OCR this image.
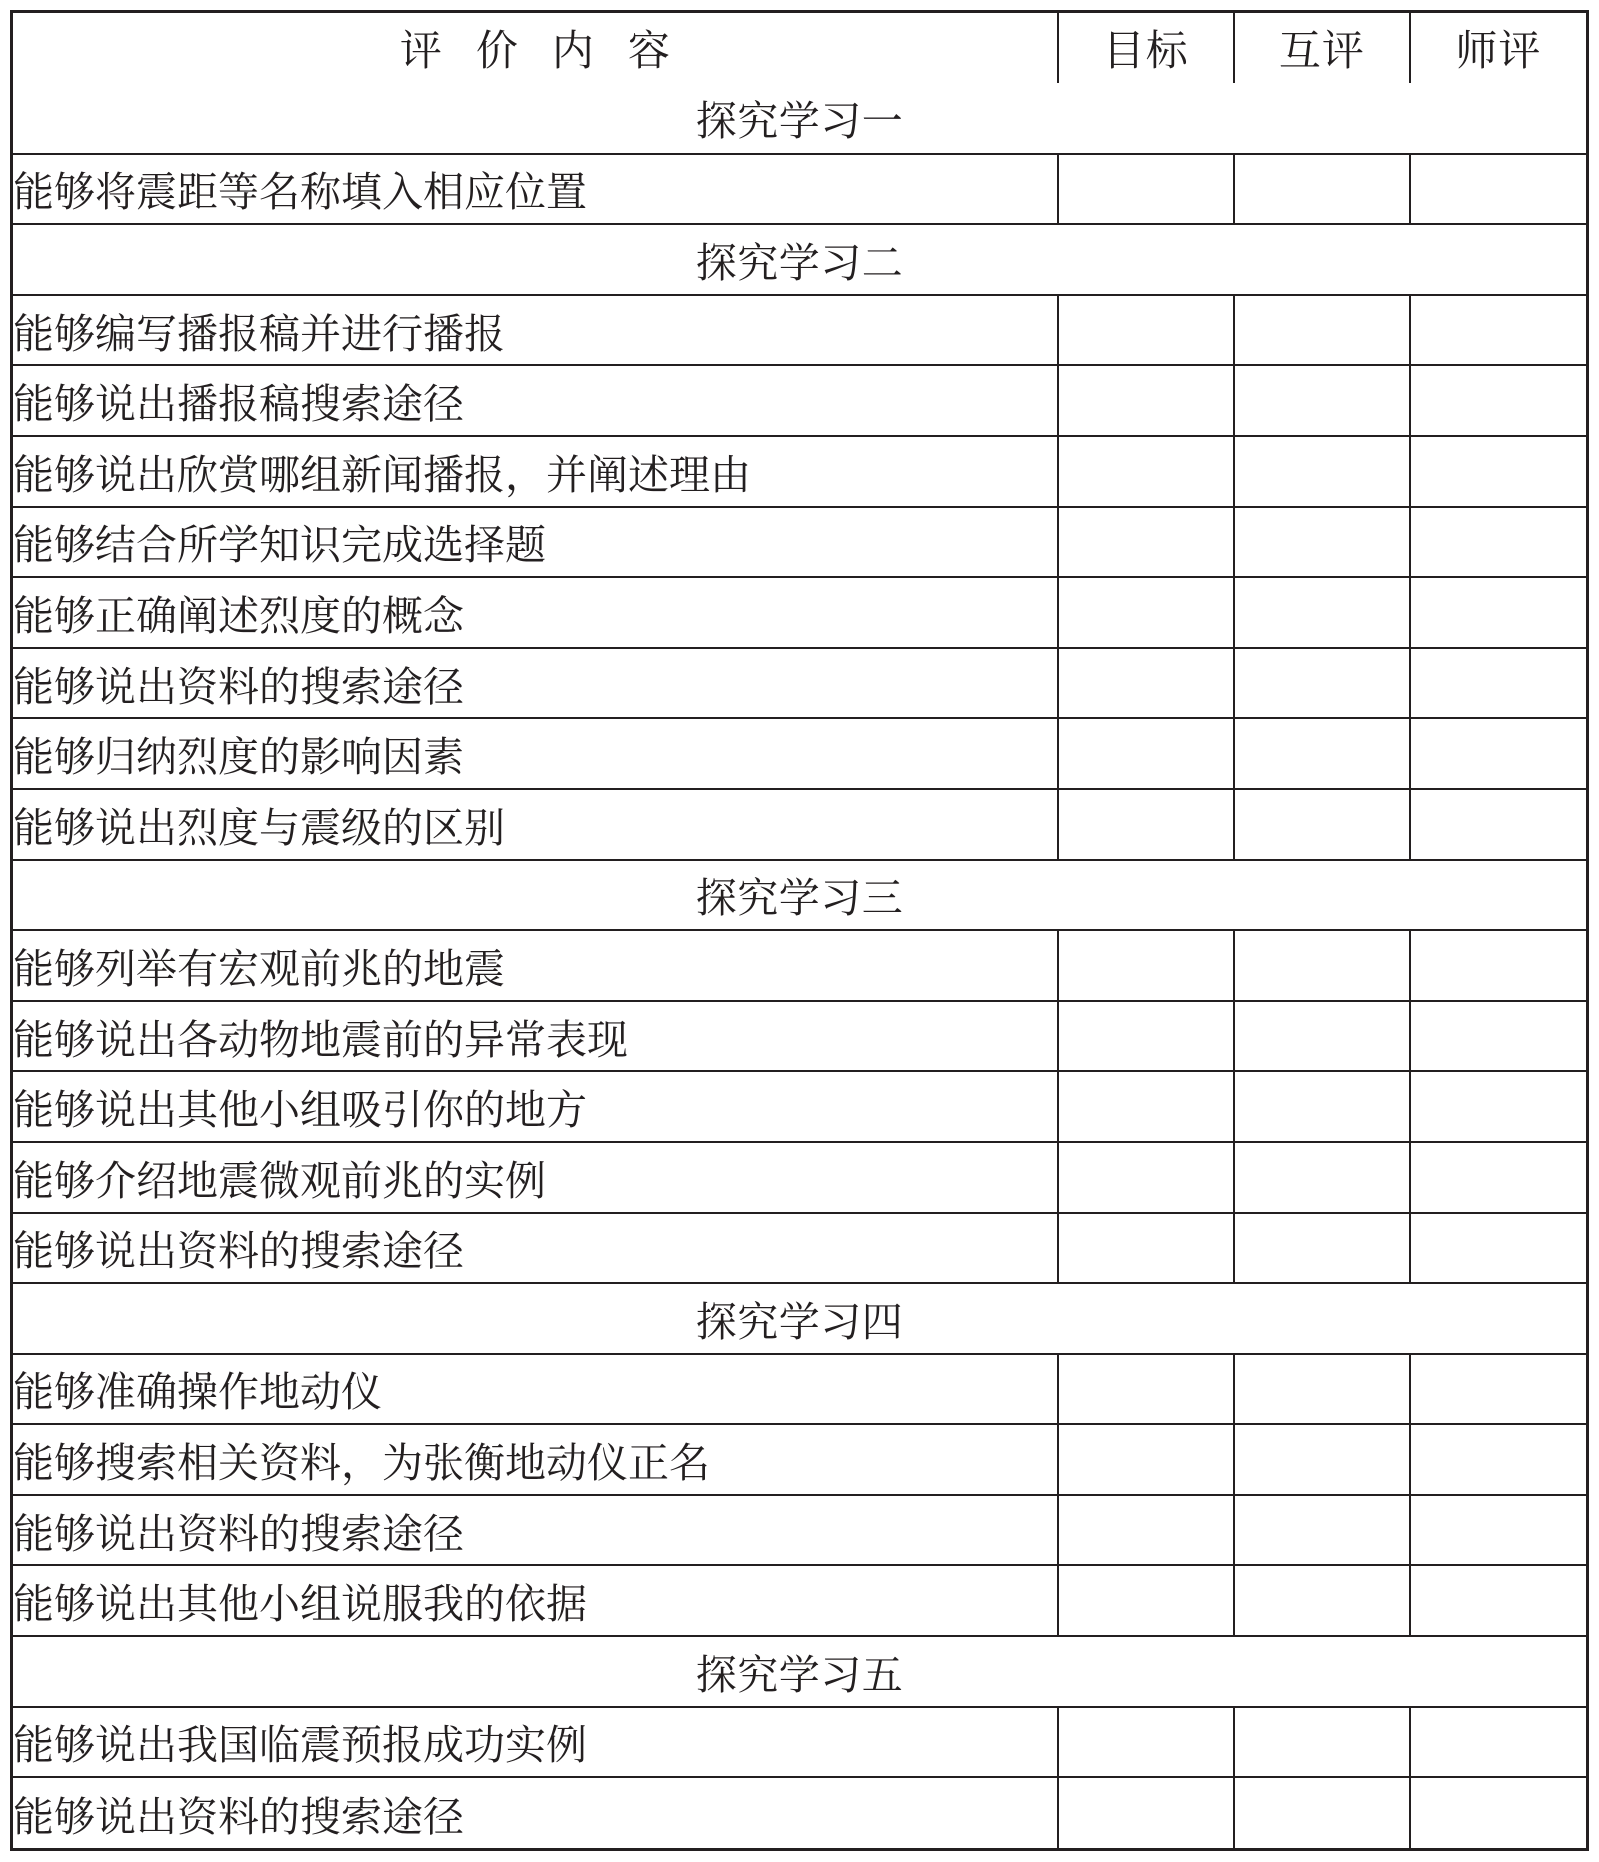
评价内容	目标	互评	师评
探究学习一			
能够将震距等名称填入相应位置			
探究学习二			
能够编写播报稿并进行播报			
能够说出播报稿搜索途径			
能够说出欣赏哪组新闻播报，并阐述理由			
能够结合所学知识完成选择题			
能够正确阐述烈度的概念			
能够说出资料的搜索途径			
能够归纳烈度的影响因素			
能够说出烈度与震级的区别			
探究学习三			
能够列举有宏观前兆的地震			
能够说出各动物地震前的异常表现			
能够说出其他小组吸引你的地方			
能够介绍地震微观前兆的实例			
能够说出资料的搜索途径			
探究学习四			
能够准确操作地动仪			
能够搜索相关资料，为张衡地动仪正名			
能够说出资料的搜索途径			
能够说出其他小组说服我的依据			
探究学习五			
能够说出我国临震预报成功实例			
能够说出资料的搜索途径			
